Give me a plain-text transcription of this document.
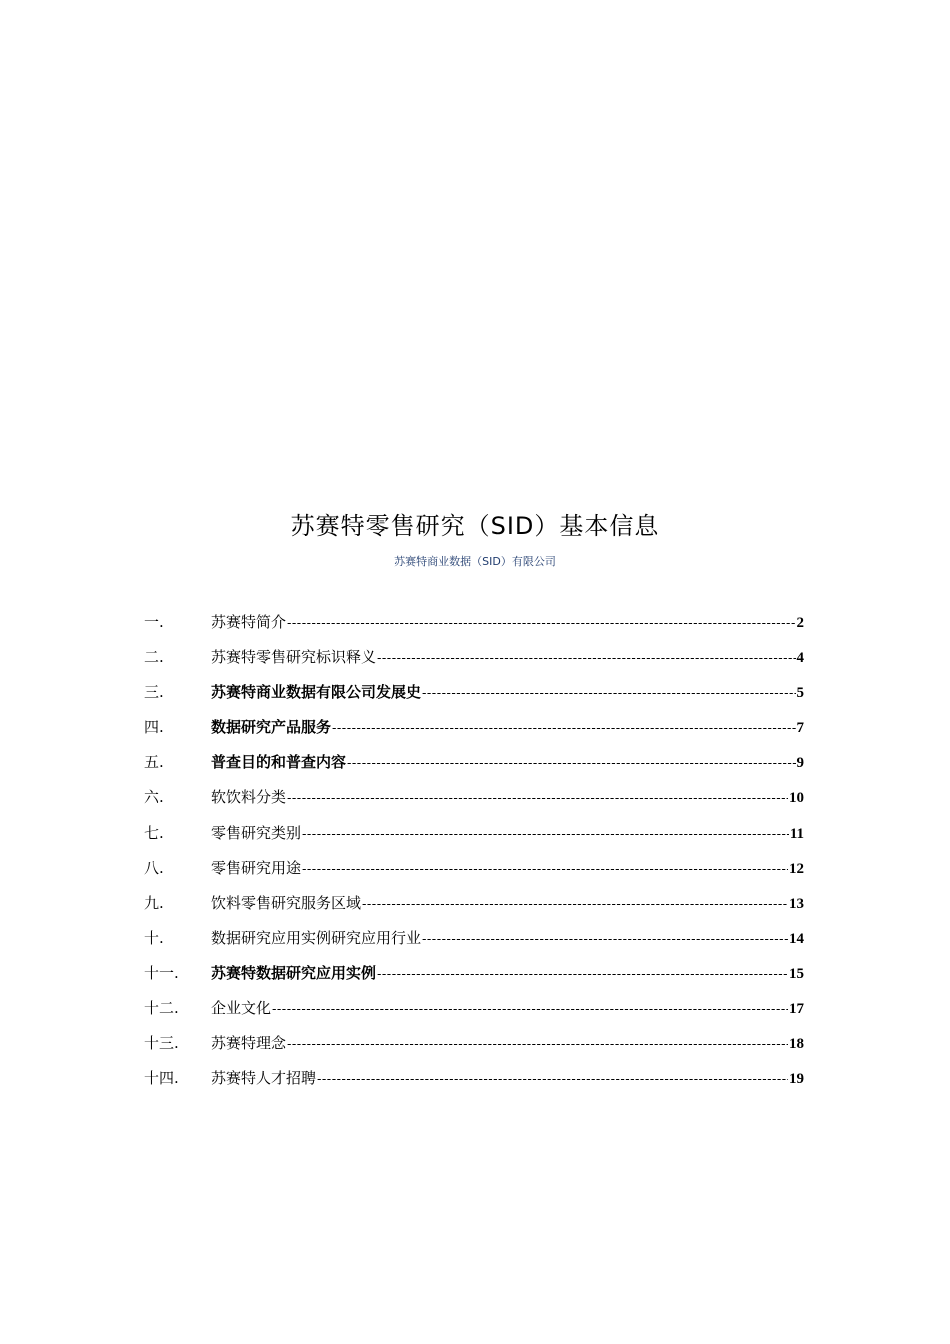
苏赛特零售研究（SID）基本信息
苏赛特商业数据（SID）有限公司
一.	苏赛特简介 -----	2
二.	苏赛特零售研究标识释义 -----	4
三.	苏赛特商业数据有限公司发展史 -----	5
四.	数据研究产品服务 -----	7
五.	普查目的和普查内容 -----	9
六.	软饮料分类 -----	10
七.	零售研究类别 -----	11
八.	零售研究用途 -----	12
九.	饮料零售研究服务区域 -----	13
十.	数据研究应用实例研究应用行业 -----	14
十一.	苏赛特数据研究应用实例 -----	15
十二.	企业文化 -----	17
十三.	苏赛特理念 -----	18
十四.	苏赛特人才招聘 -----	19
